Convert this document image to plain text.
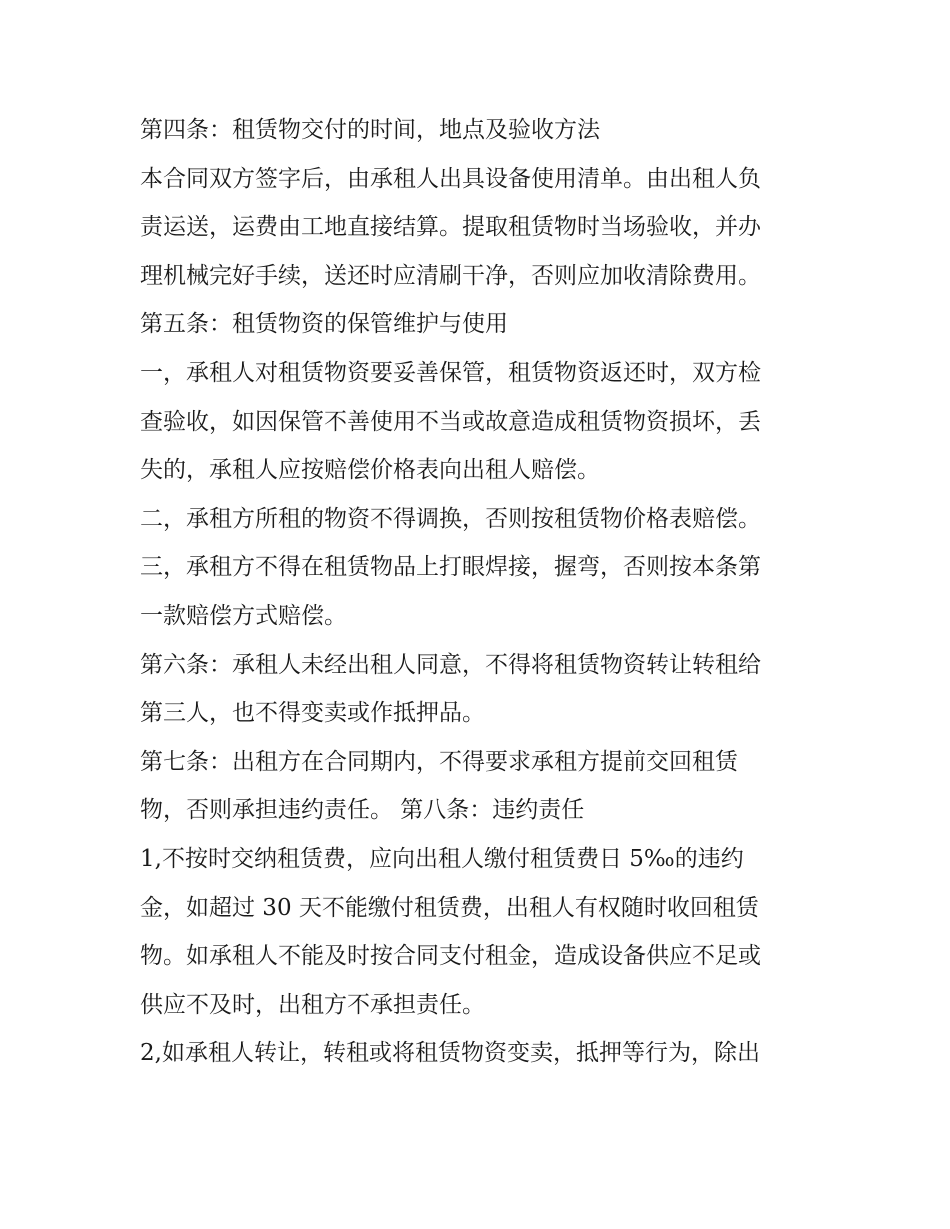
第四条：租赁物交付的时间，地点及验收方法
本合同双方签字后，由承租人出具设备使用清单。由出租人负
责运送，运费由工地直接结算。提取租赁物时当场验收，并办
理机械完好手续，送还时应清刷干净，否则应加收清除费用。
第五条：租赁物资的保管维护与使用
一，承租人对租赁物资要妥善保管，租赁物资返还时，双方检
查验收，如因保管不善使用不当或故意造成租赁物资损坏，丢
失的，承租人应按赔偿价格表向出租人赔偿。
二，承租方所租的物资不得调换，否则按租赁物价格表赔偿。
三，承租方不得在租赁物品上打眼焊接，握弯，否则按本条第
一款赔偿方式赔偿。
第六条：承租人未经出租人同意，不得将租赁物资转让转租给
第三人，也不得变卖或作抵押品。
第七条：出租方在合同期内，不得要求承租方提前交回租赁
物，否则承担违约责任。 第八条：违约责任
1,不按时交纳租赁费，应向出租人缴付租赁费日 5‰的违约
金，如超过 30 天不能缴付租赁费，出租人有权随时收回租赁
物。如承租人不能及时按合同支付租金，造成设备供应不足或
供应不及时，出租方不承担责任。
2,如承租人转让，转租或将租赁物资变卖，抵押等行为，除出
